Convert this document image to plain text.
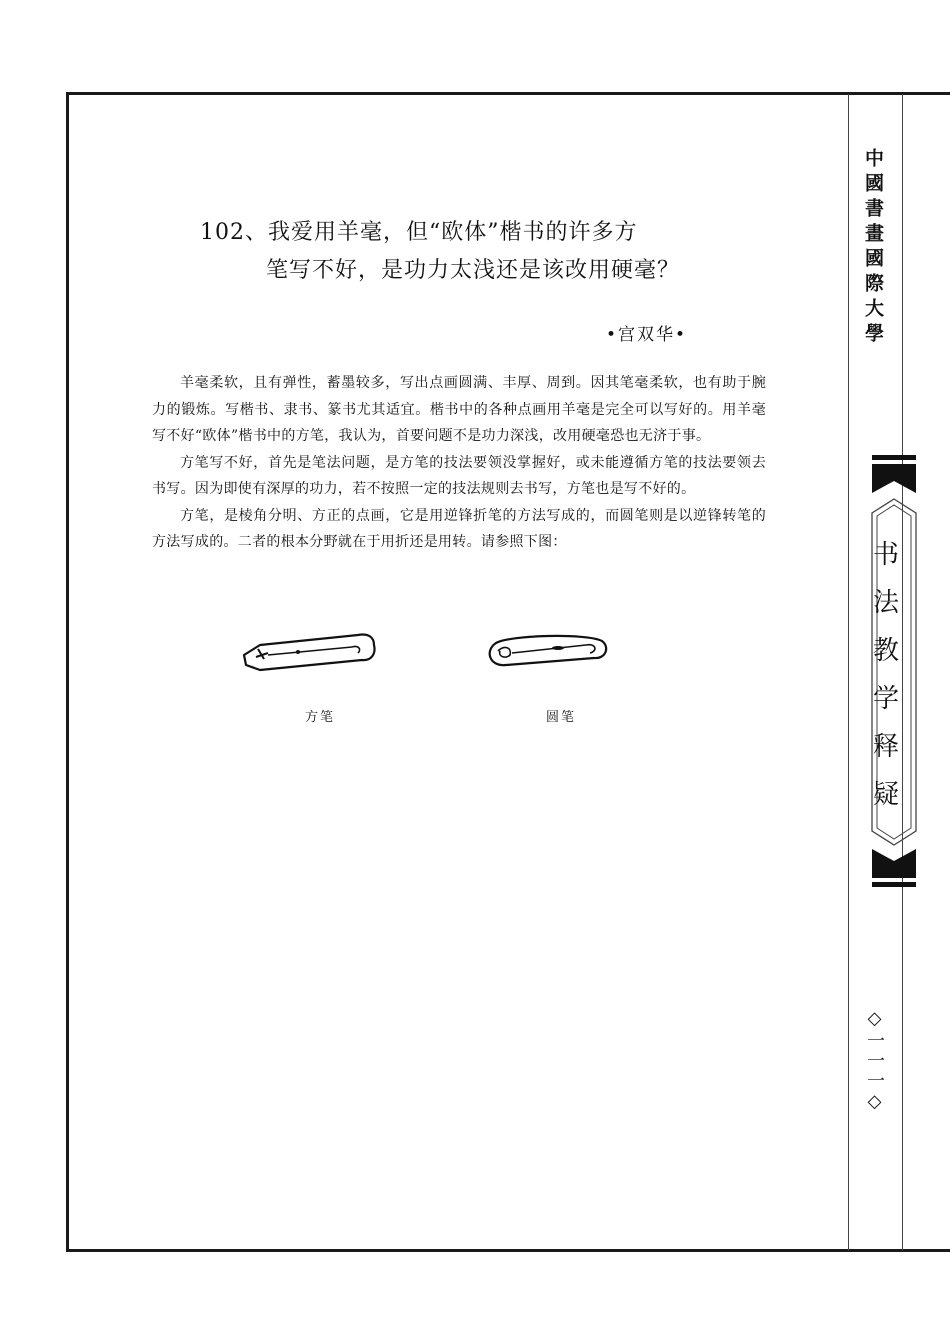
中國書畫國際大學
书法教学释疑
◇一一一◇
102、我爱用羊毫，但“欧体”楷书的许多方
笔写不好，是功力太浅还是该改用硬毫？
•宫双华•

羊毫柔软，且有弹性，蓄墨较多，写出点画圆满、丰厚、周到。因其笔毫柔软，也有助于腕力的锻炼。写楷书、隶书、篆书尤其适宜。楷书中的各种点画用羊毫是完全可以写好的。用羊毫写不好“欧体”楷书中的方笔，我认为，首要问题不是功力深浅，改用硬毫恐也无济于事。

方笔写不好，首先是笔法问题，是方笔的技法要领没掌握好，或未能遵循方笔的技法要领去书写。因为即使有深厚的功力，若不按照一定的技法规则去书写，方笔也是写不好的。

方笔，是棱角分明、方正的点画，它是用逆锋折笔的方法写成的，而圆笔则是以逆锋转笔的方法写成的。二者的根本分野就在于用折还是用转。请参照下图：

方笔	圆笔
